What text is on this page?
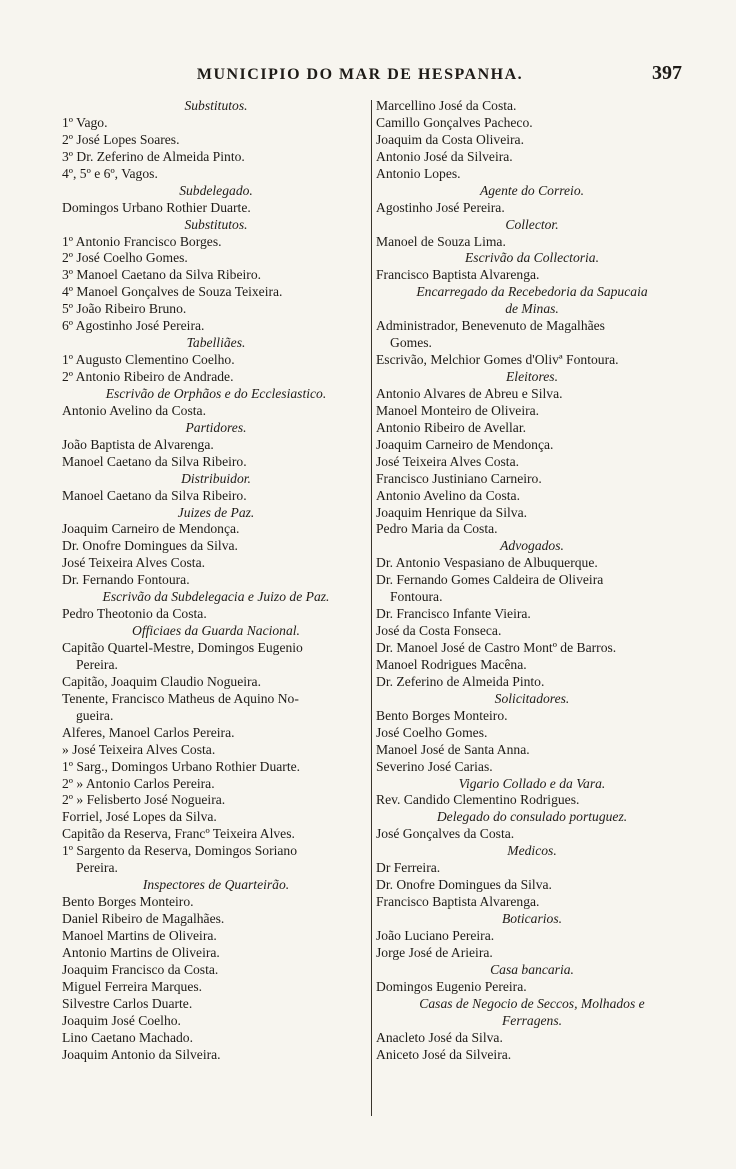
MUNICIPIO DO MAR DE HESPANHA.	397
Substitutos.
1º Vago.
2º José Lopes Soares.
3º Dr. Zeferino de Almeida Pinto.
4º, 5º e 6º, Vagos.
Subdelegado.
Domingos Urbano Rothier Duarte.
Substitutos.
1º Antonio Francisco Borges.
2º José Coelho Gomes.
3º Manoel Caetano da Silva Ribeiro.
4º Manoel Gonçalves de Souza Teixeira.
5º João Ribeiro Bruno.
6º Agostinho José Pereira.
Tabelliães.
1º Augusto Clementino Coelho.
2º Antonio Ribeiro de Andrade.
Escrivão de Orphãos e do Ecclesiastico.
Antonio Avelino da Costa.
Partidores.
João Baptista de Alvarenga.
Manoel Caetano da Silva Ribeiro.
Distribuidor.
Manoel Caetano da Silva Ribeiro.
Juizes de Paz.
Joaquim Carneiro de Mendonça.
Dr. Onofre Domingues da Silva.
José Teixeira Alves Costa.
Dr. Fernando Fontoura.
Escrivão da Subdelegacia e Juizo de Paz.
Pedro Theotonio da Costa.
Officiaes da Guarda Nacional.
Capitão Quartel-Mestre, Domingos Eugenio
Pereira.
Capitão, Joaquim Claudio Nogueira.
Tenente, Francisco Matheus de Aquino No-
gueira.
Alferes, Manoel Carlos Pereira.
» José Teixeira Alves Costa.
1º Sarg., Domingos Urbano Rothier Duarte.
2º » Antonio Carlos Pereira.
2º » Felisberto José Nogueira.
Forriel, José Lopes da Silva.
Capitão da Reserva, Francº Teixeira Alves.
1º Sargento da Reserva, Domingos Soriano
Pereira.
Inspectores de Quarteirão.
Bento Borges Monteiro.
Daniel Ribeiro de Magalhães.
Manoel Martins de Oliveira.
Antonio Martins de Oliveira.
Joaquim Francisco da Costa.
Miguel Ferreira Marques.
Silvestre Carlos Duarte.
Joaquim José Coelho.
Lino Caetano Machado.
Joaquim Antonio da Silveira.
Marcellino José da Costa.
Camillo Gonçalves Pacheco.
Joaquim da Costa Oliveira.
Antonio José da Silveira.
Antonio Lopes.
Agente do Correio.
Agostinho José Pereira.
Collector.
Manoel de Souza Lima.
Escrivão da Collectoria.
Francisco Baptista Alvarenga.
Encarregado da Recebedoria da Sapucaia
de Minas.
Administrador, Benevenuto de Magalhães
Gomes.
Escrivão, Melchior Gomes d'Olivª Fontoura.
Eleitores.
Antonio Alvares de Abreu e Silva.
Manoel Monteiro de Oliveira.
Antonio Ribeiro de Avellar.
Joaquim Carneiro de Mendonça.
José Teixeira Alves Costa.
Francisco Justiniano Carneiro.
Antonio Avelino da Costa.
Joaquim Henrique da Silva.
Pedro Maria da Costa.
Advogados.
Dr. Antonio Vespasiano de Albuquerque.
Dr. Fernando Gomes Caldeira de Oliveira
Fontoura.
Dr. Francisco Infante Vieira.
José da Costa Fonseca.
Dr. Manoel José de Castro Montº de Barros.
Manoel Rodrigues Macêna.
Dr. Zeferino de Almeida Pinto.
Solicitadores.
Bento Borges Monteiro.
José Coelho Gomes.
Manoel José de Santa Anna.
Severino José Carias.
Vigario Collado e da Vara.
Rev. Candido Clementino Rodrigues.
Delegado do consulado portuguez.
José Gonçalves da Costa.
Medicos.
Dr Ferreira.
Dr. Onofre Domingues da Silva.
Francisco Baptista Alvarenga.
Boticarios.
João Luciano Pereira.
Jorge José de Arieira.
Casa bancaria.
Domingos Eugenio Pereira.
Casas de Negocio de Seccos, Molhados e
Ferragens.
Anacleto José da Silva.
Aniceto José da Silveira.
